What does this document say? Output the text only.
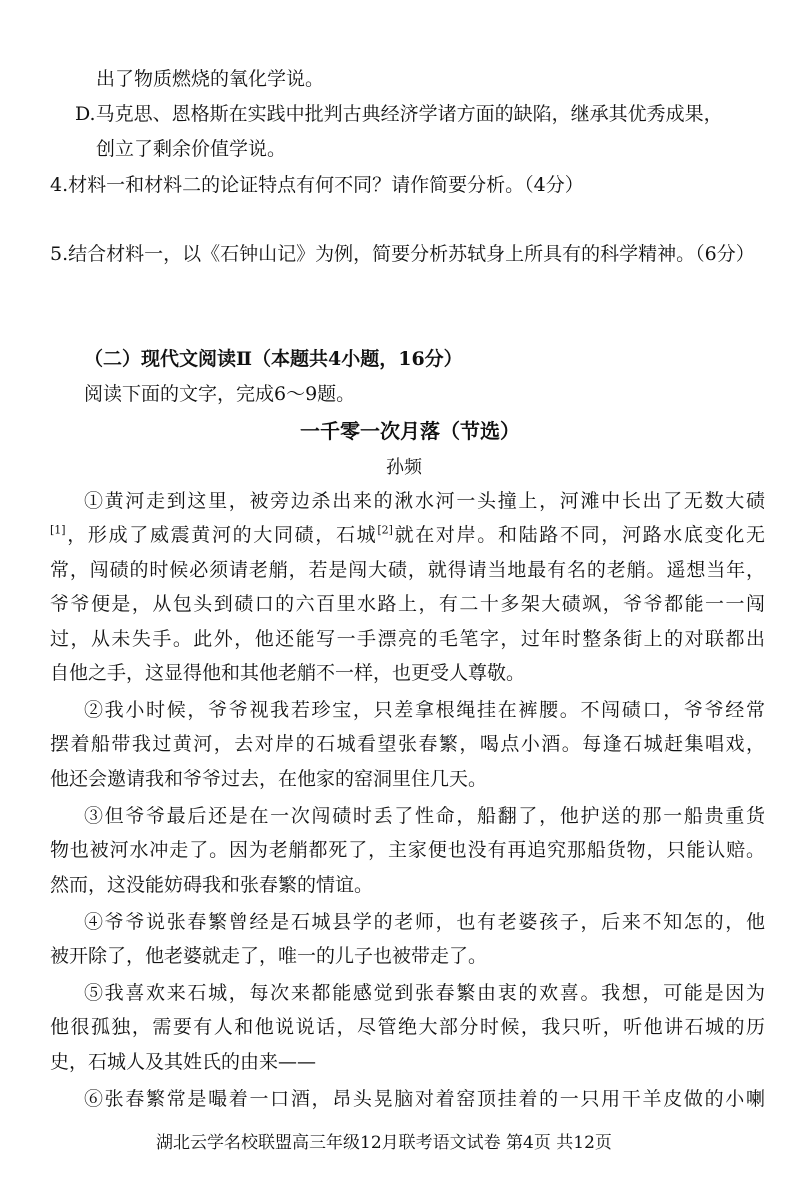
出了物质燃烧的氧化学说。
D.马克思、恩格斯在实践中批判古典经济学诸方面的缺陷，继承其优秀成果，
创立了剩余价值学说。
4.材料一和材料二的论证特点有何不同？请作简要分析。（4分）
5.结合材料一，以《石钟山记》为例，简要分析苏轼身上所具有的科学精神。（6分）
（二）现代文阅读Ⅱ（本题共4小题，16分）
阅读下面的文字，完成6～9题。
一千零一次月落（节选）
孙频
①黄河走到这里，被旁边杀出来的湫水河一头撞上，河滩中长出了无数大碛
[1]，形成了威震黄河的大同碛，石城[2]就在对岸。和陆路不同，河路水底变化无
常，闯碛的时候必须请老艄，若是闯大碛，就得请当地最有名的老艄。遥想当年，
爷爷便是，从包头到碛口的六百里水路上，有二十多架大碛飒，爷爷都能一一闯
过，从未失手。此外，他还能写一手漂亮的毛笔字，过年时整条街上的对联都出
自他之手，这显得他和其他老艄不一样，也更受人尊敬。
②我小时候，爷爷视我若珍宝，只差拿根绳挂在裤腰。不闯碛口，爷爷经常
摆着船带我过黄河，去对岸的石城看望张春繁，喝点小酒。每逢石城赶集唱戏，
他还会邀请我和爷爷过去，在他家的窑洞里住几天。
③但爷爷最后还是在一次闯碛时丢了性命，船翻了，他护送的那一船贵重货
物也被河水冲走了。因为老艄都死了，主家便也没有再追究那船货物，只能认赔。
然而，这没能妨碍我和张春繁的情谊。
④爷爷说张春繁曾经是石城县学的老师，也有老婆孩子，后来不知怎的，他
被开除了，他老婆就走了，唯一的儿子也被带走了。
⑤我喜欢来石城，每次来都能感觉到张春繁由衷的欢喜。我想，可能是因为
他很孤独，需要有人和他说说话，尽管绝大部分时候，我只听，听他讲石城的历
史，石城人及其姓氏的由来——
⑥张春繁常是嘬着一口酒，昂头晃脑对着窑顶挂着的一只用干羊皮做的小喇
湖北云学名校联盟高三年级12月联考语文试卷 第4页 共12页
